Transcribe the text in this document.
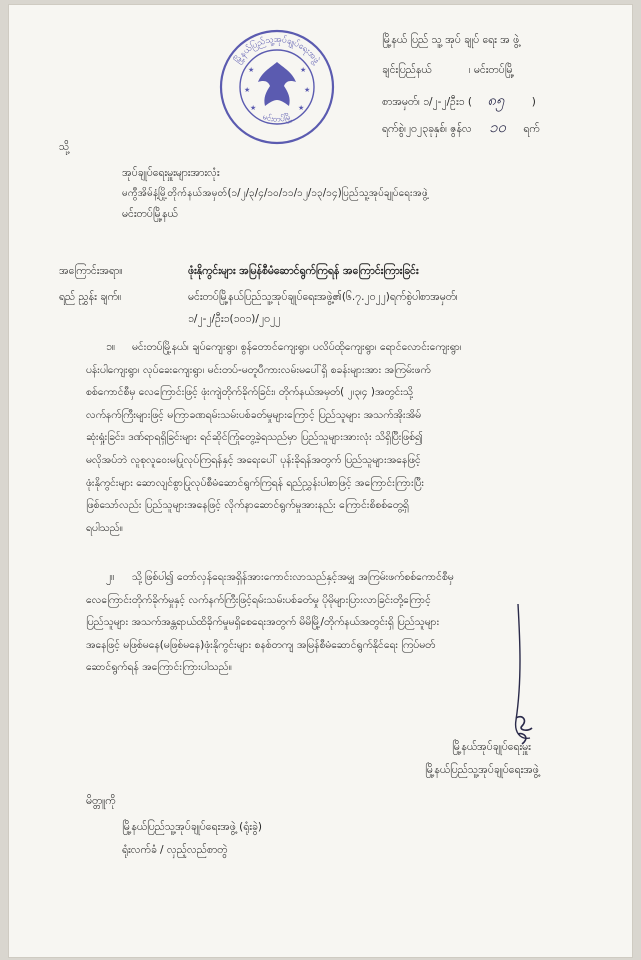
မြို့နယ်ပြည်သူ့အုပ်ချုပ်ရေးအဖွဲ့
မင်းတပ်မြို့
★	★
★	★
★	★
မြို့နယ် ပြည် သူ့ အုပ် ချုပ် ရေး အ ဖွဲ့
ချင်းပြည်နယ်	၊ မင်းတပ်မြို့
စာအမှတ်၊ ၁/၂-၂/ဦး၁ ( ၈၅	)
ရက်စွဲ၊၂၀၂၃ခုနှစ်၊ ဇွန်လ ၁၀ ရက်
သို့
အုပ်ချုပ်ရေးမှူးများအားလုံး
မကွီအိမ်နံ့မြို့တိုက်နယ်အမှတ်(၁/၂/၃/၄/၁၀/၁၁/၁၂/၁၃/၁၄)ပြည်သူ့အုပ်ချုပ်ရေးအဖွဲ့
မင်းတပ်မြို့နယ်
အကြောင်းအရာ။	ဖုံးနိုကွင်းများ အမြန်စီမံဆောင်ရွက်ကြရန် အကြောင်းကြားခြင်း
ရည် ညွှန်း ချက်။	မင်းတပ်မြို့နယ်ပြည်သူ့အုပ်ချုပ်ရေးအဖွဲ့၏(၆.၇.၂၀၂၂)ရက်စွဲပါစာအမှတ်၊
၁/၂-၂/ဦး၁(၁၀၁)/၂၀၂၂
၁။	မင်းတပ်မြို့နယ်၊ ချပ်ကျေးရွာ၊ စွန်တောင်ကျေးရွာ၊ ပလိပ်ထိုကျေးရွာ၊ ရောင်လောင်းကျေးရွာ၊
ပန်းပါကျေးရွာ၊ လုပ်ခေးကျေးရွာ၊ မင်းတပ်-မတူပီကားလမ်းမပေါ်ရှိ စခန်းများအား အကြမ်းဖက်
စစ်ကောင်စီမှ လေကြောင်းဖြင့် ဖုံးကျဲတိုက်ခိုက်ခြင်း၊ တိုက်နယ်အမှတ်( ၂၊၃၊၄ )အတွင်းသို့
လက်နက်ကြီးများဖြင့် မကြာခဏရမ်းသမ်းပစ်ခတ်မှုများကြောင့် ပြည်သူများ အသက်အိုးအိမ်
ဆုံးရှုံးခြင်း၊ ဒဏ်ရာရရှိခြင်းများ ရင်ဆိုင်ကြုံတွေ့ခဲ့ရသည်မှာ ပြည်သူများအားလုံး သိရှိပြီးဖြစ်၍
မလိုအပ်ဘဲ လူစုလူဝေးမပြုလုပ်ကြရန်နှင့် အရေးပေါ် ပုန်းခိုရန်အတွက် ပြည်သူများအနေဖြင့်
ဖုံးနိုကွင်းများ ဆောလျင်စွာပြုလုပ်စီမံဆောင်ရွက်ကြရန် ရည်ညွှန်းပါစာဖြင့် အကြောင်းကြားပြီး
ဖြစ်သော်လည်း ပြည်သူများအနေဖြင့် လိုက်နာဆောင်ရွက်မှုအားနည်း ကြောင်းစိစစ်တွေ့ရှိ
ရပါသည်။
၂။	သို့ဖြစ်ပါ၍ တော်လှန်ရေးအရှိန်အားကောင်းလာသည်နှင့်အမျှ အကြမ်းဖက်စစ်ကောင်စီမှ
လေကြောင်းတိုက်ခိုက်မှုနှင့် လက်နက်ကြီးဖြင့်ရမ်းသမ်းပစ်ခတ်မှု ပိုမိုများပြားလာခြင်းတို့ကြောင့်
ပြည်သူများ အသက်အန္တရာယ်ထိခိုက်မှုမရှိစေရေးအတွက် မိမိမြို့/တိုက်နယ်အတွင်းရှိ ပြည်သူများ
အနေဖြင့် မဖြစ်မနေ(မဖြစ်မနေ)ဖုံးနိုကွင်းများ စနစ်တကျ အမြန်စီမံဆောင်ရွက်နိုင်ရေး ကြပ်မတ်
ဆောင်ရွက်ရန် အကြောင်းကြားပါသည်။
မြို့နယ်အုပ်ချုပ်ရေးမှူး
မြို့နယ်ပြည်သူ့အုပ်ချုပ်ရေးအဖွဲ့
မိတ္တူကို
မြို့နယ်ပြည်သူ့အုပ်ချုပ်ရေးအဖွဲ့ (ရုံးခွဲ)
ရုံးလက်ခံ / လှည့်လည်စာတွဲ
